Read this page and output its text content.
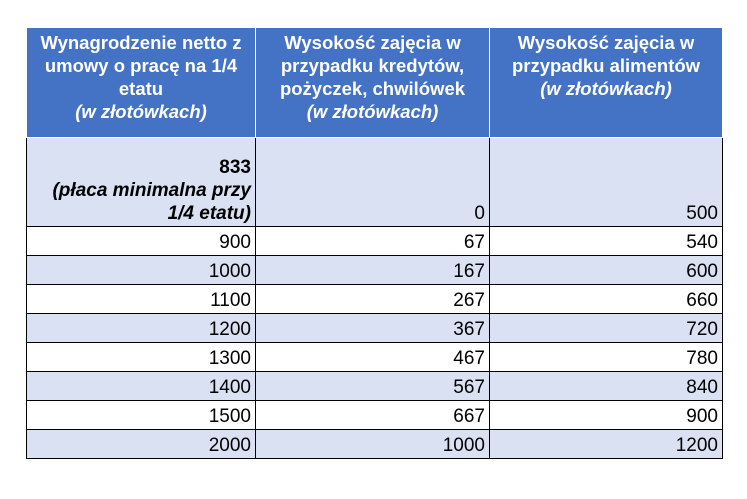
Wynagrodzenie netto z
umowy o pracę na 1/4
etatu
(w złotówkach)	Wysokość zajęcia w
przypadku kredytów,
pożyczek, chwilówek
(w złotówkach)	Wysokość zajęcia w
przypadku alimentów
(w złotówkach)

833
(płaca minimalna przy
1/4 etatu)	0	500
900	67	540
1000	167	600
1100	267	660
1200	367	720
1300	467	780
1400	567	840
1500	667	900
2000	1000	1200
